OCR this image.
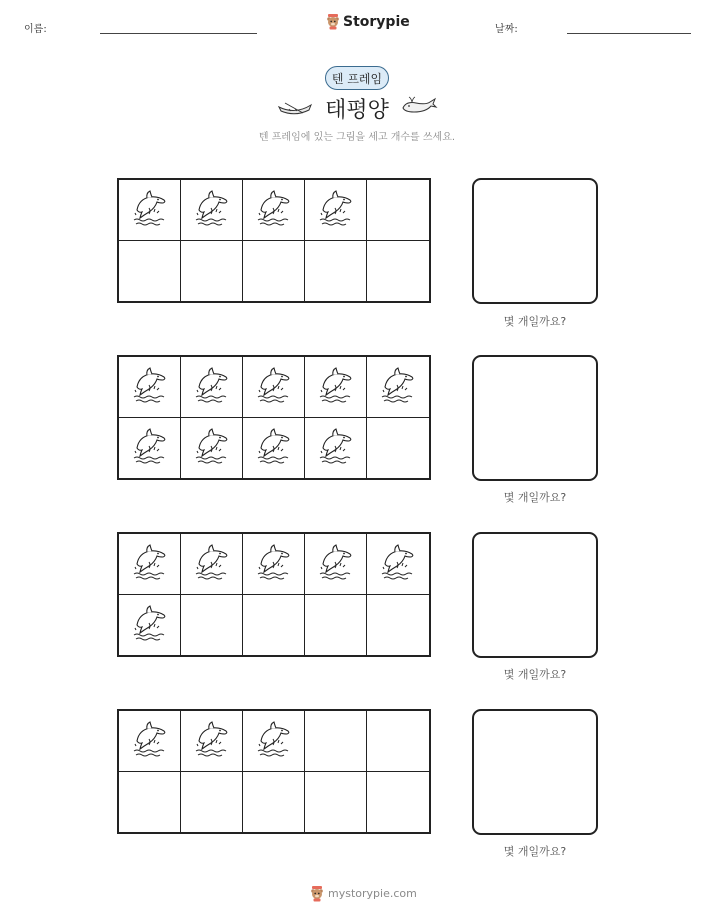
이름:	Storypie	날짜:
텐 프레임
태평양
텐 프레임에 있는 그림을 세고 개수를 쓰세요.
몇 개일까요?
몇 개일까요?
몇 개일까요?
몇 개일까요?
mystorypie.com
